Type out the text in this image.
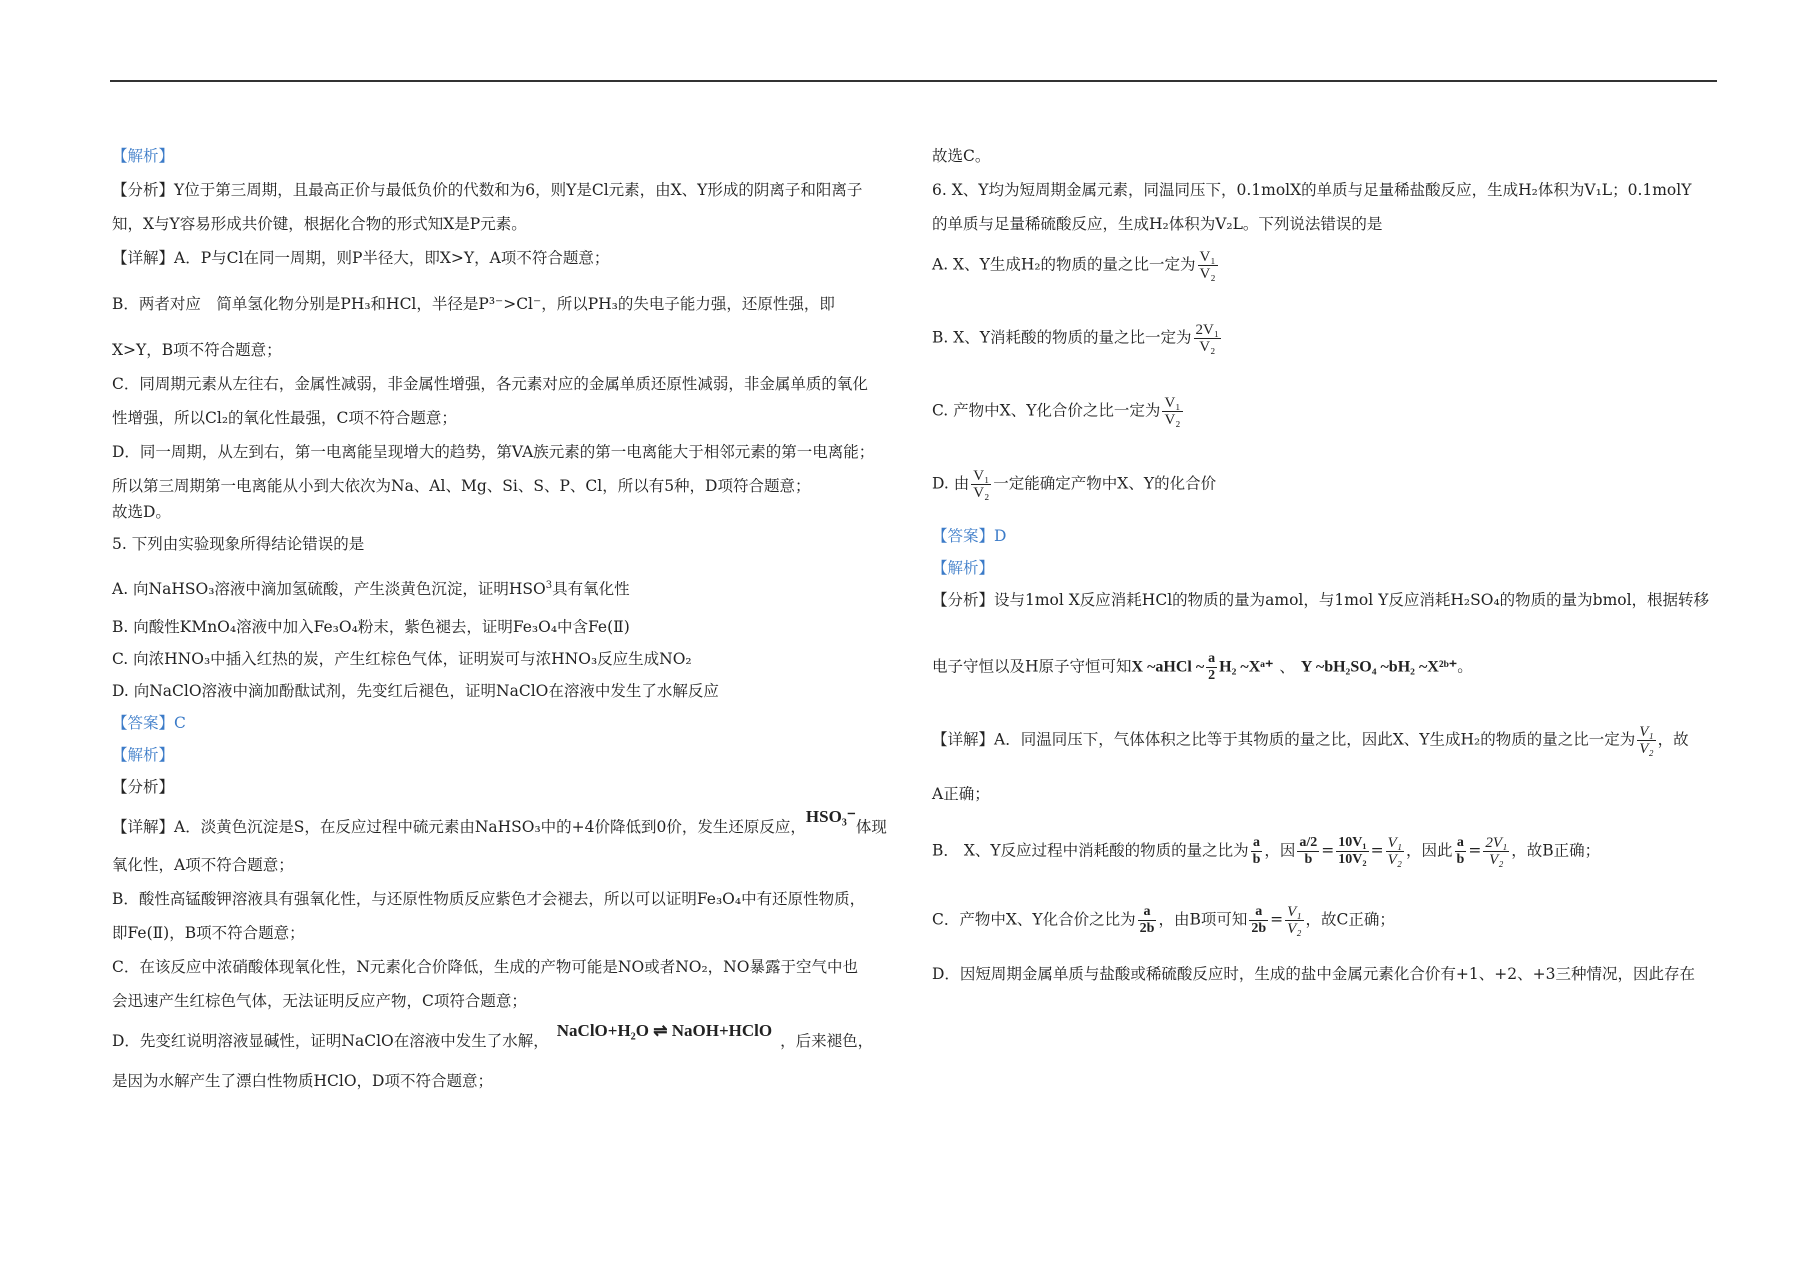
【解析】

【分析】Y位于第三周期，且最高正价与最低负价的代数和为6，则Y是Cl元素，由X、Y形成的阴离子和阳离子

知，X与Y容易形成共价键，根据化合物的形式知X是P元素。

【详解】A．P与Cl在同一周期，则P半径大，即X>Y，A项不符合题意；

B．两者对应　简单氢化物分别是PH₃和HCl，半径是P³⁻>Cl⁻，所以PH₃的失电子能力强，还原性强，即

X>Y，B项不符合题意；

C．同周期元素从左往右，金属性减弱，非金属性增强，各元素对应的金属单质还原性减弱，非金属单质的氧化

性增强，所以Cl₂的氧化性最强，C项不符合题意；

D．同一周期，从左到右，第一电离能呈现增大的趋势，第VA族元素的第一电离能大于相邻元素的第一电离能；

所以第三周期第一电离能从小到大依次为Na、Al、Mg、Si、S、P、Cl，所以有5种，D项符合题意；

故选D。

5. 下列由实验现象所得结论错误的是

A. 向NaHSO₃溶液中滴加氢硫酸，产生淡黄色沉淀，证明HSO$^3$具有氧化性

B. 向酸性KMnO₄溶液中加入Fe₃O₄粉末，紫色褪去，证明Fe₃O₄中含Fe(Ⅱ)

C. 向浓HNO₃中插入红热的炭，产生红棕色气体，证明炭可与浓HNO₃反应生成NO₂

D. 向NaClO溶液中滴加酚酞试剂，先变红后褪色，证明NaClO在溶液中发生了水解反应

【答案】C

【解析】

【分析】

【详解】A．淡黄色沉淀是S，在反应过程中硫元素由NaHSO₃中的+4价降低到0价，发生还原反应，HSO₃⁻体现

氧化性，A项不符合题意；

B．酸性高锰酸钾溶液具有强氧化性，与还原性物质反应紫色才会褪去，所以可以证明Fe₃O₄中有还原性物质，

即Fe(Ⅱ)，B项不符合题意；

C．在该反应中浓硝酸体现氧化性，N元素化合价降低，生成的产物可能是NO或者NO₂，NO暴露于空气中也

会迅速产生红棕色气体，无法证明反应产物，C项符合题意；

D．先变红说明溶液显碱性，证明NaClO在溶液中发生了水解，NaClO+H₂O ⇌ NaOH+HClO，后来褪色，

是因为水解产生了漂白性物质HClO，D项不符合题意；

故选C。

6. X、Y均为短周期金属元素，同温同压下，0.1molX的单质与足量稀盐酸反应，生成H₂体积为V₁L；0.1molY

的单质与足量稀硫酸反应，生成H₂体积为V₂L。下列说法错误的是

A. X、Y生成H₂的物质的量之比一定为 $\frac{\text{V₁}}{\text{V₂}}$

B. X、Y消耗酸的物质的量之比一定为 $\frac{\text{2V₁}}{\text{V₂}}$

C. 产物中X、Y化合价之比一定为 $\frac{\text{V₁}}{\text{V₂}}$

D. 由 $\frac{\text{V₁}}{\text{V₂}}$ 一定能确定产物中X、Y的化合价

【答案】D

【解析】

【分析】设与1mol X反应消耗HCl的物质的量为amol，与1mol Y反应消耗H₂SO₄的物质的量为bmol，根据转移

电子守恒以及H原子守恒可知X ~aHCl ~ $\frac{a}{2} H_2$ ~Xᵃ⁺ 、 Y ~bH₂SO₄ ~bH₂ ~X²ᵇ⁺。

【详解】A．同温同压下，气体体积之比等于其物质的量之比，因此X、Y生成H₂的物质的量之比一定为 $\frac{\text{V₁}}{\text{V₂}}$ ，故

A正确；

B． X、Y反应过程中消耗酸的物质的量之比为 $\frac{a}{b}$ ，因 $\frac{a/2}{b} = \frac{\text{10V₁}}{\text{10V₂}} = \frac{\text{V₁}}{\text{V₂}}$ ，因此 $\frac{a}{b} = \frac{\text{2V₁}}{\text{V₂}}$ ，故B正确；

C．产物中X、Y化合价之比为 $\frac{a}{2b}$ ，由B项可知 $\frac{a}{2b} = \frac{\text{V₁}}{\text{V₂}}$ ，故C正确；

D．因短周期金属单质与盐酸或稀硫酸反应时，生成的盐中金属元素化合价有+1、+2、+3三种情况，因此存在
